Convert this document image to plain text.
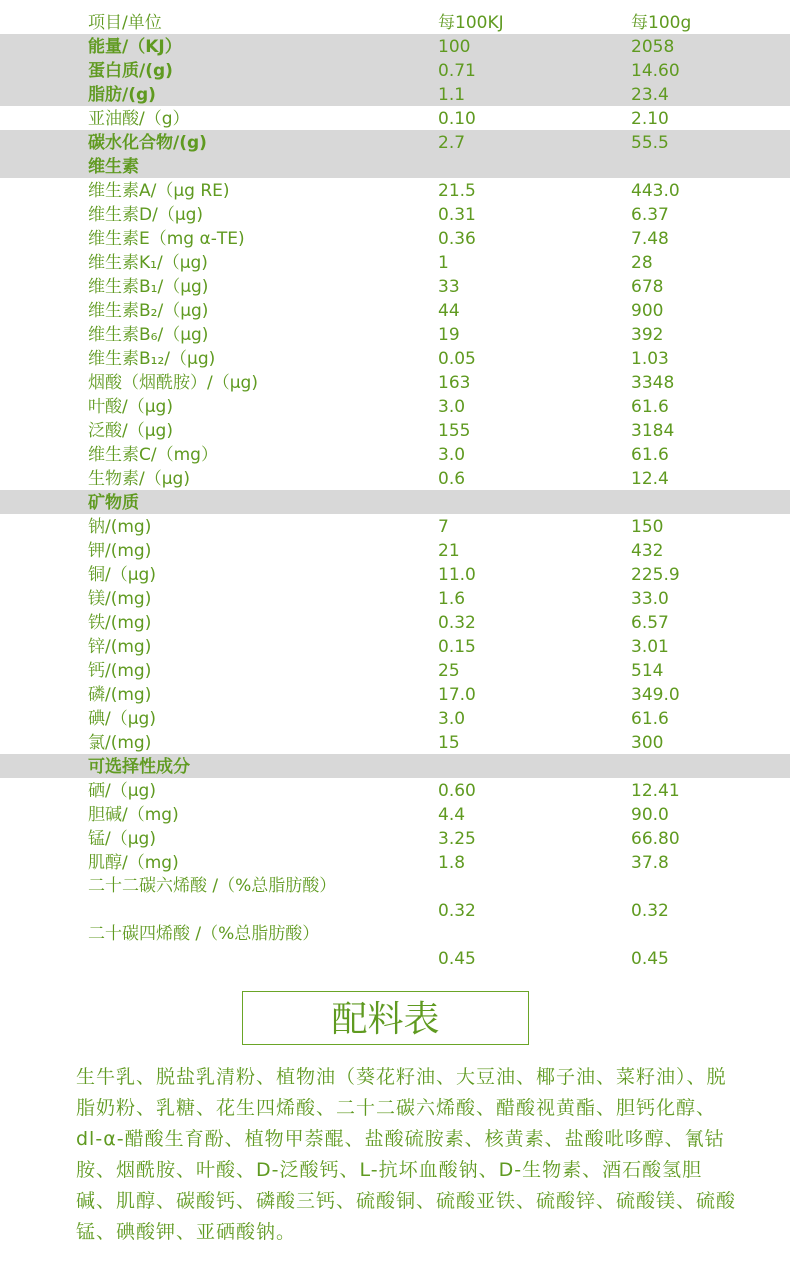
项目/单位	每100KJ	每100g
能量/（KJ）	100	2058
蛋白质/(g)	0.71	14.60
脂肪/(g)	1.1	23.4
亚油酸/（g）	0.10	2.10
碳水化合物/(g)	2.7	55.5
维生素
维生素A/（μg RE)	21.5	443.0
维生素D/（μg)	0.31	6.37
维生素E（mg α-TE)	0.36	7.48
维生素K₁/（μg)	1	28
维生素B₁/（μg)	33	678
维生素B₂/（μg)	44	900
维生素B₆/（μg)	19	392
维生素B₁₂/（μg)	0.05	1.03
烟酸（烟酰胺）/（μg)	163	3348
叶酸/（μg)	3.0	61.6
泛酸/（μg)	155	3184
维生素C/（mg）	3.0	61.6
生物素/（μg)	0.6	12.4
矿物质
钠/(mg)	7	150
钾/(mg)	21	432
铜/（μg)	11.0	225.9
镁/(mg)	1.6	33.0
铁/(mg)	0.32	6.57
锌/(mg)	0.15	3.01
钙/(mg)	25	514
磷/(mg)	17.0	349.0
碘/（μg)	3.0	61.6
氯/(mg)	15	300
可选择性成分
硒/（μg)	0.60	12.41
胆碱/（mg)	4.4	90.0
锰/（μg)	3.25	66.80
肌醇/（mg)	1.8	37.8
二十二碳六烯酸 /（%总脂肪酸）
0.32	0.32
二十碳四烯酸 /（%总脂肪酸）
0.45	0.45
配料表
生牛乳、脱盐乳清粉、植物油（葵花籽油、大豆油、椰子油、菜籽油）、脱脂奶粉、乳糖、花生四烯酸、二十二碳六烯酸、醋酸视黄酯、胆钙化醇、dl-α-醋酸生育酚、植物甲萘醌、盐酸硫胺素、核黄素、盐酸吡哆醇、氰钴胺、烟酰胺、叶酸、D-泛酸钙、L-抗坏血酸钠、D-生物素、酒石酸氢胆碱、肌醇、碳酸钙、磷酸三钙、硫酸铜、硫酸亚铁、硫酸锌、硫酸镁、硫酸锰、碘酸钾、亚硒酸钠。
